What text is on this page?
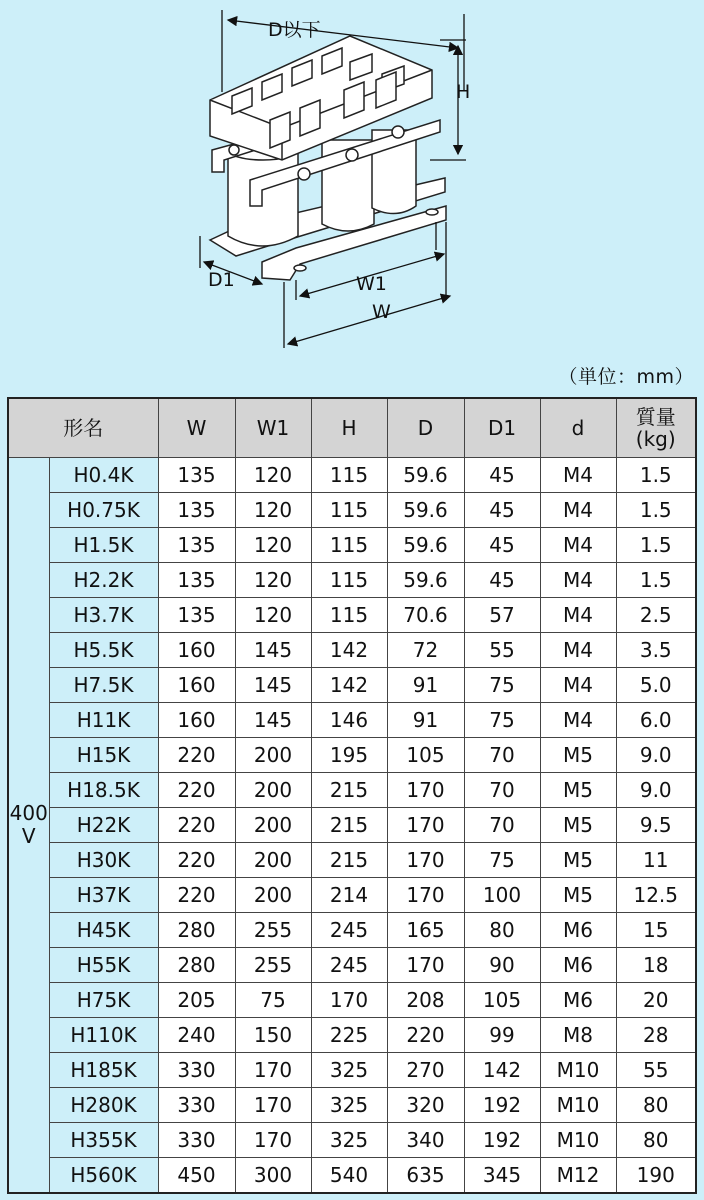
D以下
H
D1	W1
W
（単位：mm）
形名		W	W1	H	D	D1	d	質量
(kg)
400V	H0.4K	135	120	115	59.6	45	M4	1.5
	H0.75K	135	120	115	59.6	45	M4	1.5
	H1.5K	135	120	115	59.6	45	M4	1.5
	H2.2K	135	120	115	59.6	45	M4	1.5
	H3.7K	135	120	115	70.6	57	M4	2.5
	H5.5K	160	145	142	72	55	M4	3.5
	H7.5K	160	145	142	91	75	M4	5.0
	H11K	160	145	146	91	75	M4	6.0
	H15K	220	200	195	105	70	M5	9.0
	H18.5K	220	200	215	170	70	M5	9.0
	H22K	220	200	215	170	70	M5	9.5
	H30K	220	200	215	170	75	M5	11
	H37K	220	200	214	170	100	M5	12.5
	H45K	280	255	245	165	80	M6	15
	H55K	280	255	245	170	90	M6	18
	H75K	205	75	170	208	105	M6	20
	H110K	240	150	225	220	99	M8	28
	H185K	330	170	325	270	142	M10	55
	H280K	330	170	325	320	192	M10	80
	H355K	330	170	325	340	192	M10	80
	H560K	450	300	540	635	345	M12	190
